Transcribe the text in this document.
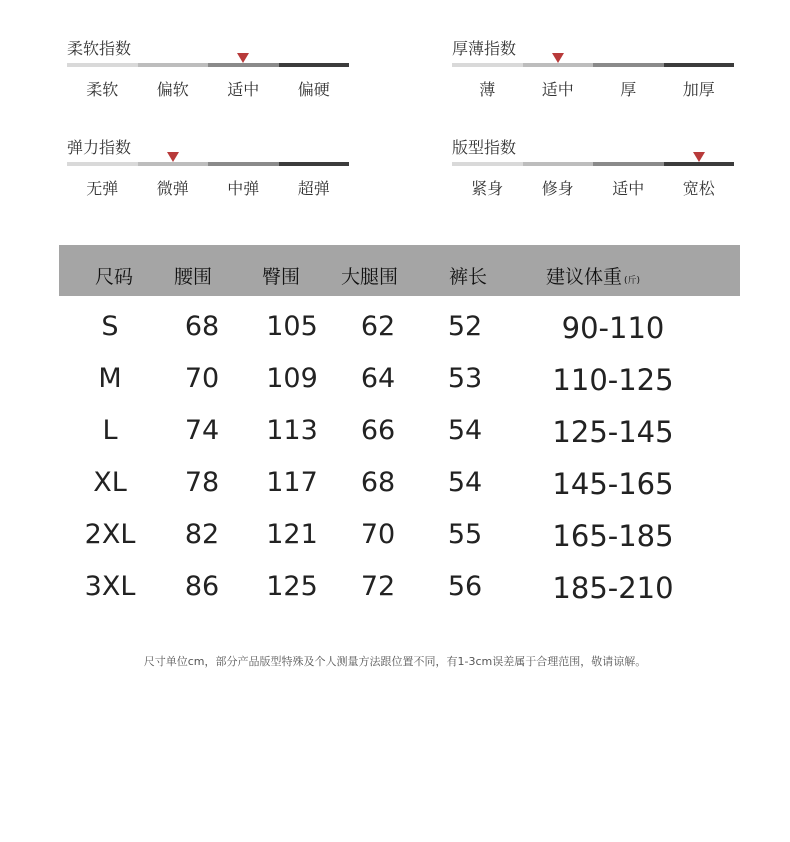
柔软指数
柔软	偏软	适中	偏硬
厚薄指数
薄	适中	厚	加厚
弹力指数
无弹	微弹	中弹	超弹
版型指数
紧身	修身	适中	宽松
尺码 腰围	臀围 大腿围	裤长	建议体重 (斤)
S 68 105 62 52	90-110
M 70 109 64 53 110-125
L 74 113 66 54 125-145
XL 78 117 68 54 145-165
2XL 82 121 70 55 165-185
3XL 86 125 72 56 185-210
尺寸单位cm，部分产品版型特殊及个人测量方法跟位置不同，有1-3cm误差属于合理范围，敬请谅解。
